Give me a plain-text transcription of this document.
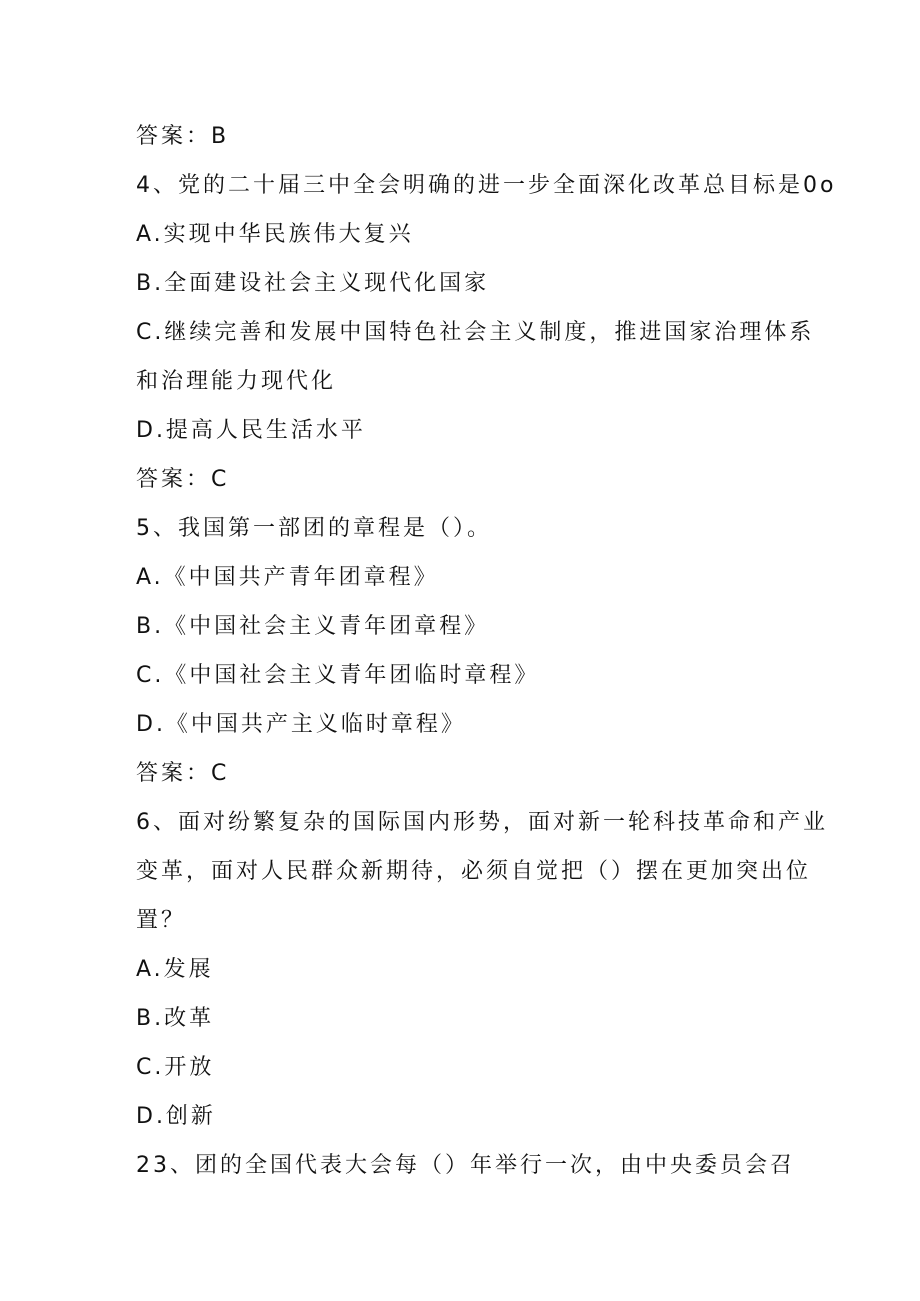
答案：B
4、党的二十届三中全会明确的进一步全面深化改革总目标是0o
A.实现中华民族伟大复兴
B.全面建设社会主义现代化国家
C.继续完善和发展中国特色社会主义制度，推进国家治理体系
和治理能力现代化
D.提高人民生活水平
答案：C
5、我国第一部团的章程是（）。
A.《中国共产青年团章程》
B.《中国社会主义青年团章程》
C.《中国社会主义青年团临时章程》
D.《中国共产主义临时章程》
答案：C
6、面对纷繁复杂的国际国内形势，面对新一轮科技革命和产业
变革，面对人民群众新期待，必须自觉把（）摆在更加突出位
置？
A.发展
B.改革
C.开放
D.创新
23、团的全国代表大会每（）年举行一次，由中央委员会召
